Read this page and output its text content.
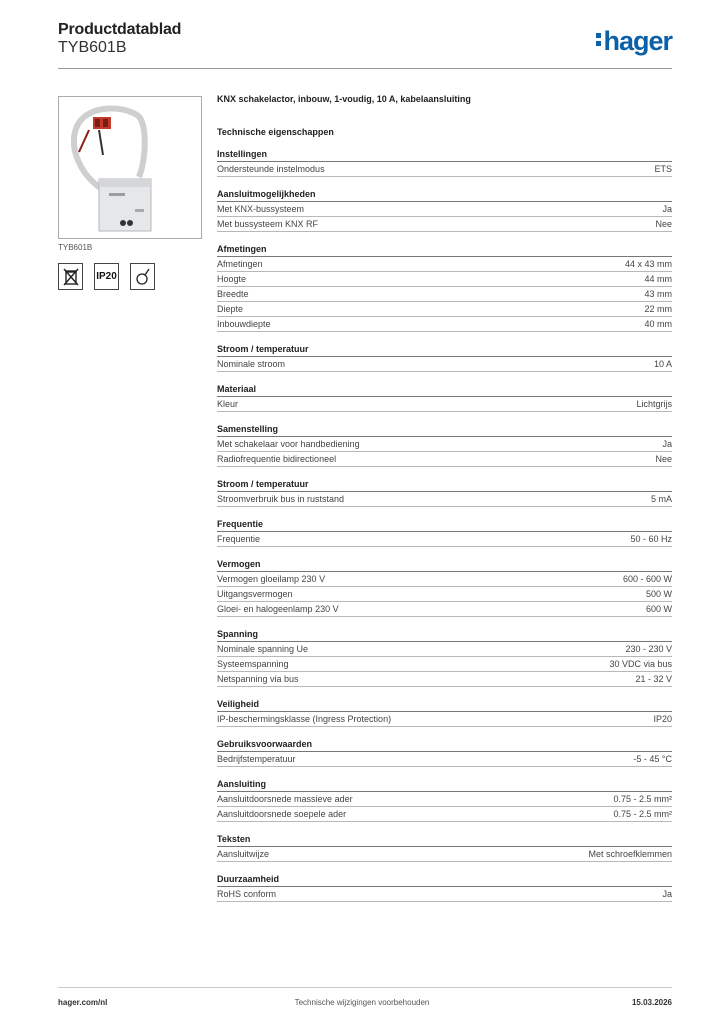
Productdatablad
TYB601B	hager
TYB601B
IP20
KNX schakelactor, inbouw, 1-voudig, 10 A, kabelaansluiting
Technische eigenschappen
Instellingen
Ondersteunde instelmodus	ETS
Aansluitmogelijkheden
Met KNX-bussysteem	Ja
Met bussysteem KNX RF	Nee
Afmetingen
Afmetingen	44 x 43 mm
Hoogte	44 mm
Breedte	43 mm
Diepte	22 mm
Inbouwdiepte	40 mm
Stroom / temperatuur
Nominale stroom	10 A
Materiaal
Kleur	Lichtgrijs
Samenstelling
Met schakelaar voor handbediening	Ja
Radiofrequentie bidirectioneel	Nee
Stroom / temperatuur
Stroomverbruik bus in ruststand	5 mA
Frequentie
Frequentie	50 - 60 Hz
Vermogen
Vermogen gloeilamp 230 V	600 - 600 W
Uitgangsvermogen	500 W
Gloei- en halogeenlamp 230 V	600 W
Spanning
Nominale spanning Ue	230 - 230 V
Systeemspanning	30 VDC via bus
Netspanning via bus	21 - 32 V
Veiligheid
IP-beschermingsklasse (Ingress Protection)	IP20
Gebruiksvoorwaarden
Bedrijfstemperatuur	-5 - 45 °C
Aansluiting
Aansluitdoorsnede massieve ader	0.75 - 2.5 mm²
Aansluitdoorsnede soepele ader	0.75 - 2.5 mm²
Teksten
Aansluitwijze	Met schroefklemmen
Duurzaamheid
RoHS conform	Ja
hager.com/nl	Technische wijzigingen voorbehouden	15.03.2026
